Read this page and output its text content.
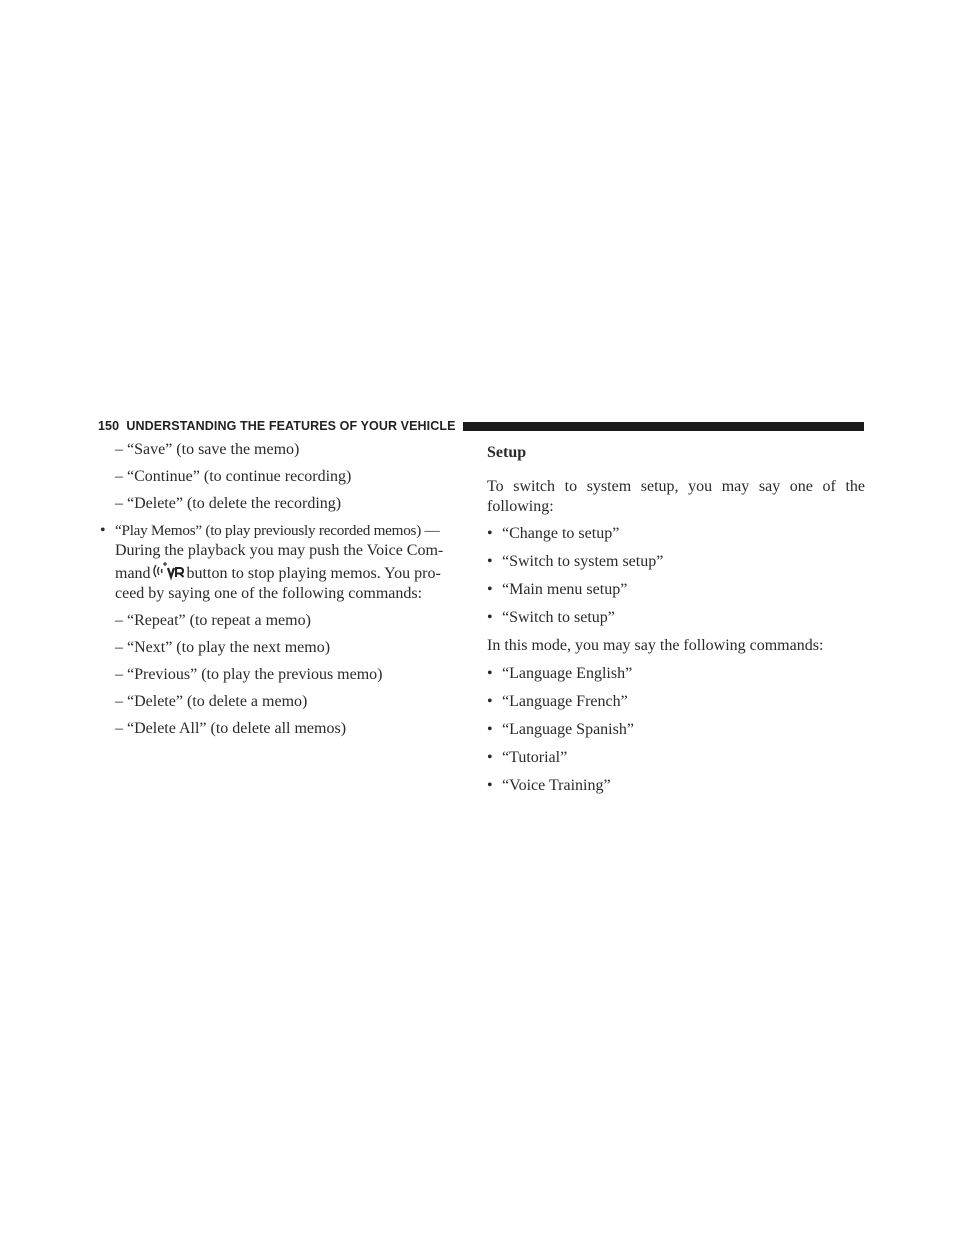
150 UNDERSTANDING THE FEATURES OF YOUR VEHICLE
– “Save” (to save the memo)
– “Continue” (to continue recording)
– “Delete” (to delete the recording)
• “Play Memos” (to play previously recorded memos) —
During the playback you may push the Voice Com-
mand button to stop playing memos. You pro-
ceed by saying one of the following commands:
– “Repeat” (to repeat a memo)
– “Next” (to play the next memo)
– “Previous” (to play the previous memo)
– “Delete” (to delete a memo)
– “Delete All” (to delete all memos)
Setup
To switch to system setup, you may say one of the following:
• “Change to setup”
• “Switch to system setup”
• “Main menu setup”
• “Switch to setup”
In this mode, you may say the following commands:
• “Language English”
• “Language French”
• “Language Spanish”
• “Tutorial”
• “Voice Training”
